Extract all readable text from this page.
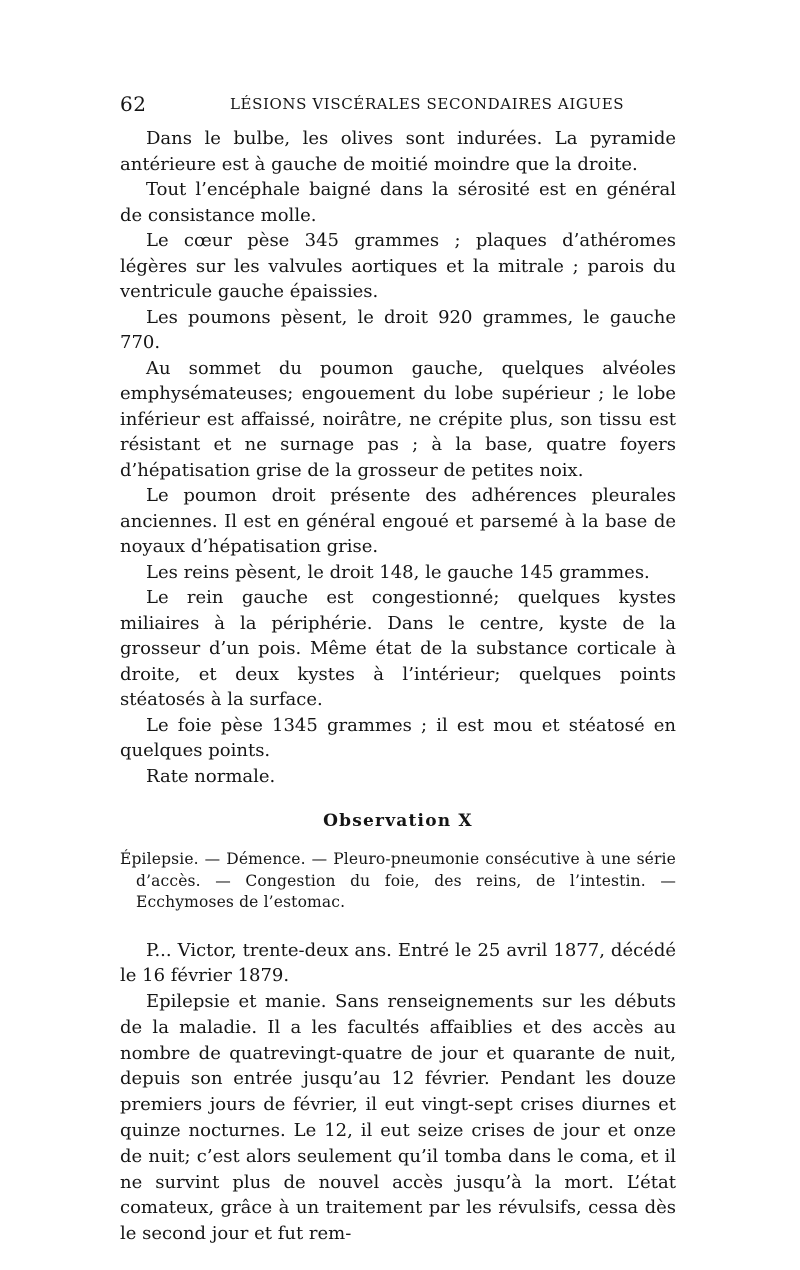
62	LÉSIONS VISCÉRALES SECONDAIRES AIGUES

Dans le bulbe, les olives sont indurées. La pyramide antérieure est à gauche de moitié moindre que la droite.

Tout l’encéphale baigné dans la sérosité est en général de consistance molle.

Le cœur pèse 345 grammes ; plaques d’athéromes légères sur les valvules aortiques et la mitrale ; parois du ventricule gauche épaissies.

Les poumons pèsent, le droit 920 grammes, le gauche 770.

Au sommet du poumon gauche, quelques alvéoles emphysémateuses; engouement du lobe supérieur ; le lobe inférieur est affaissé, noirâtre, ne crépite plus, son tissu est résistant et ne surnage pas ; à la base, quatre foyers d’hépatisation grise de la grosseur de petites noix.

Le poumon droit présente des adhérences pleurales anciennes. Il est en général engoué et parsemé à la base de noyaux d’hépatisation grise.

Les reins pèsent, le droit 148, le gauche 145 grammes.

Le rein gauche est congestionné; quelques kystes miliaires à la périphérie. Dans le centre, kyste de la grosseur d’un pois. Même état de la substance corticale à droite, et deux kystes à l’intérieur; quelques points stéatosés à la surface.

Le foie pèse 1345 grammes ; il est mou et stéatosé en quelques points.

Rate normale.

Observation X

Épilepsie. — Démence. — Pleuro-pneumonie consécutive à une série d’accès. — Congestion du foie, des reins, de l’intestin. — Ecchymoses de l’estomac.

P... Victor, trente-deux ans. Entré le 25 avril 1877, décédé le 16 février 1879.

Epilepsie et manie. Sans renseignements sur les débuts de la maladie. Il a les facultés affaiblies et des accès au nombre de quatrevingt-quatre de jour et quarante de nuit, depuis son entrée jusqu’au 12 février. Pendant les douze premiers jours de février, il eut vingt-sept crises diurnes et quinze nocturnes. Le 12, il eut seize crises de jour et onze de nuit; c’est alors seulement qu’il tomba dans le coma, et il ne survint plus de nouvel accès jusqu’à la mort. L’état comateux, grâce à un traitement par les révulsifs, cessa dès le second jour et fut rem-
